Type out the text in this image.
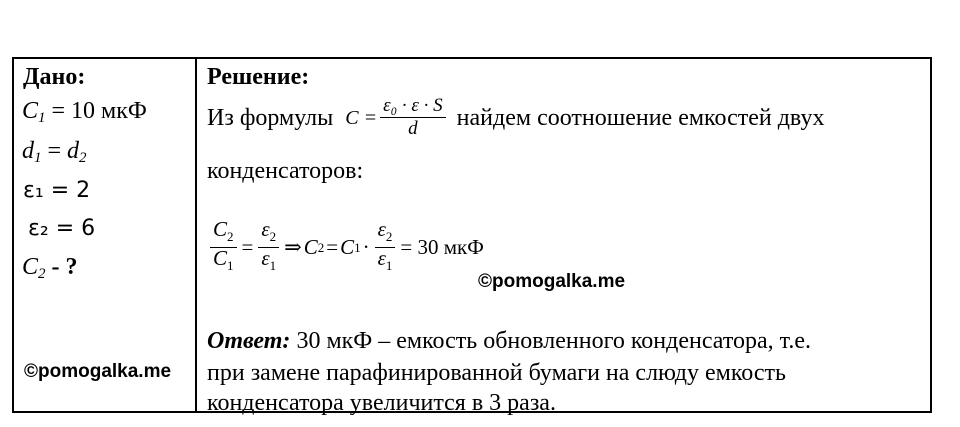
Дано:
$C_1 = 10$ мкФ
$d_1 = d_2$
ε₁ = 2
ε₂ = 6
$C_2$ - ?
©pomogalka.me
Решение:
Из формулы $C = \frac{\text{ε₀ · ε · S}}{d}$ найдем соотношение емкостей двух
конденсаторов:
$\frac{C_2}{C_1} = \frac{\varepsilon_2}{\varepsilon_1}$ ⇒ C 2 = C $1 \cdot \frac{\varepsilon_2}{\varepsilon_1} = 30$ мкФ
©pomogalka.me
Ответ: 30 мкФ – емкость обновленного конденсатора, т.е.
при замене парафинированной бумаги на слюду емкость
конденсатора увеличится в 3 раза.
